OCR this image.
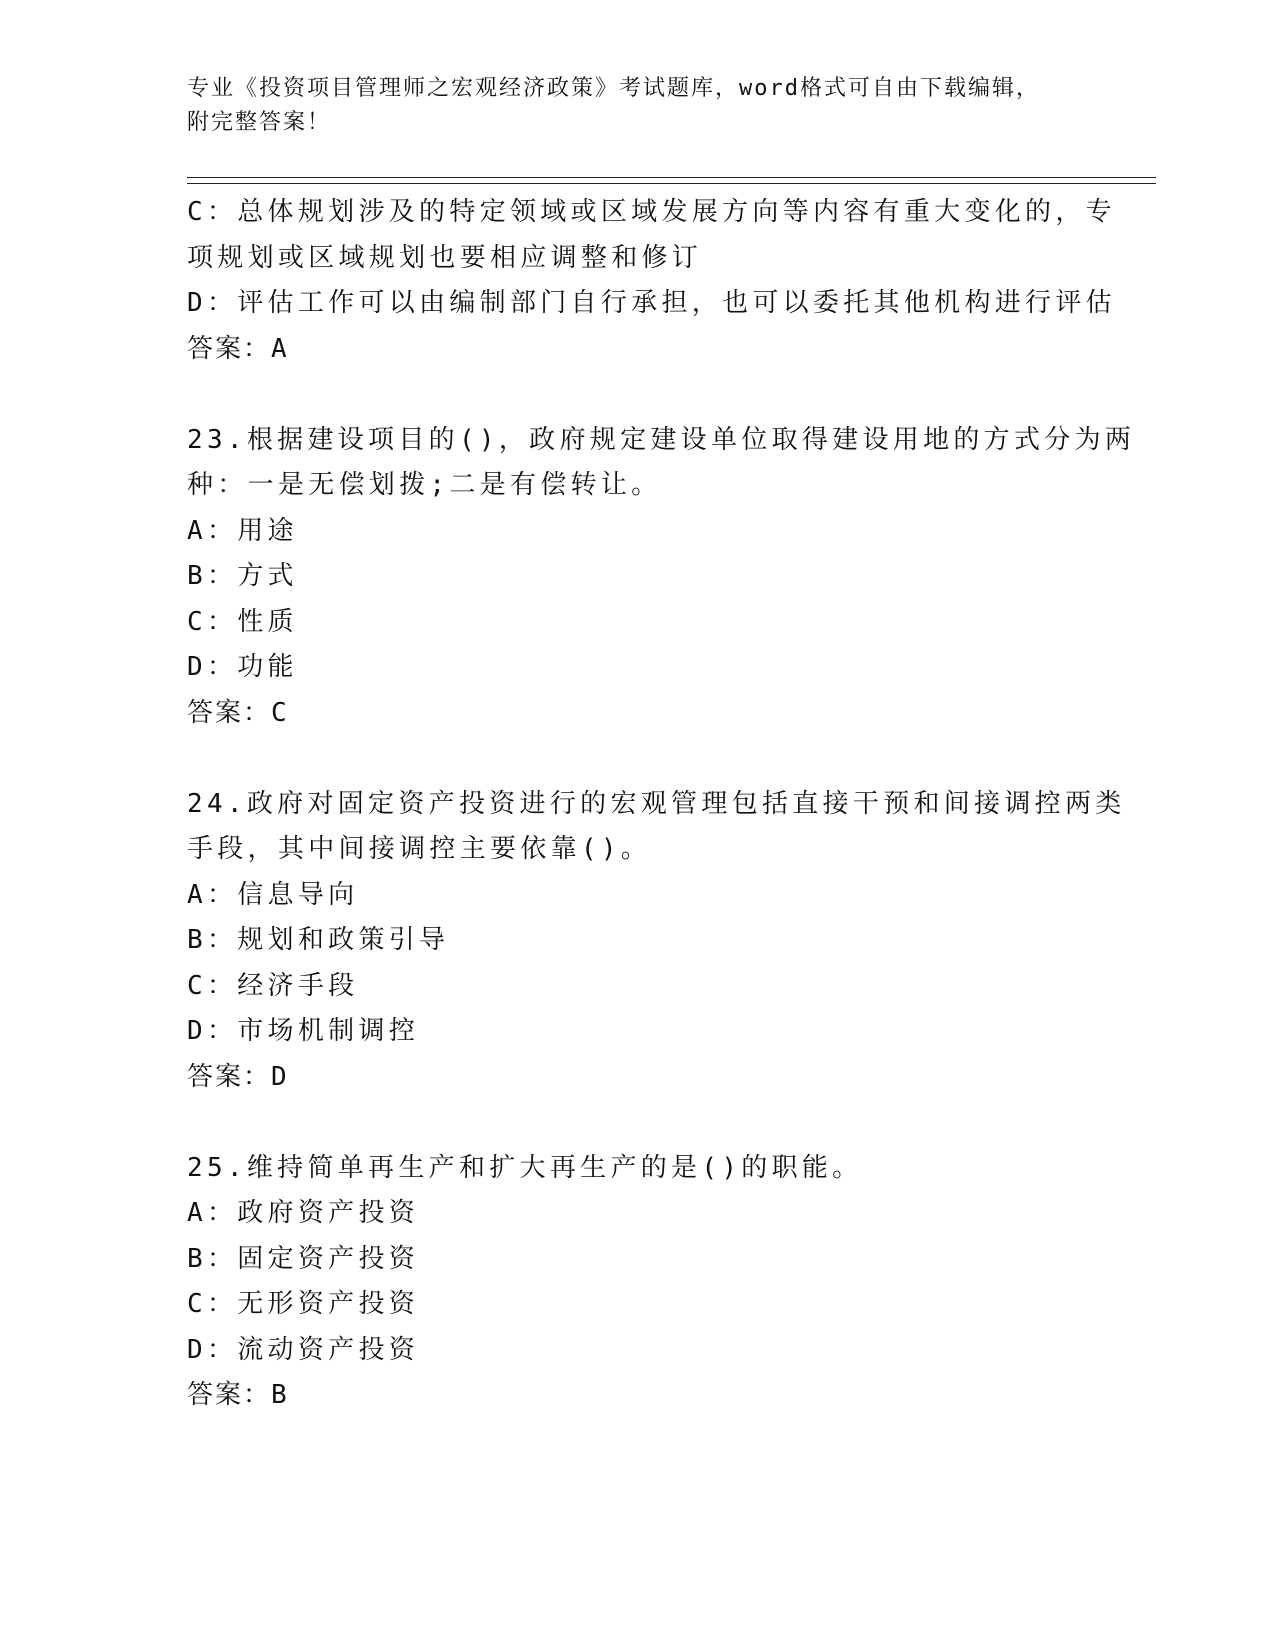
专业《投资项目管理师之宏观经济政策》考试题库，word格式可自由下载编辑，
附完整答案！
C：总体规划涉及的特定领域或区域发展方向等内容有重大变化的，专
项规划或区域规划也要相应调整和修订
D：评估工作可以由编制部门自行承担，也可以委托其他机构进行评估
答案：A
23.根据建设项目的()，政府规定建设单位取得建设用地的方式分为两
种：一是无偿划拨;二是有偿转让。
A：用途
B：方式
C：性质
D：功能
答案：C
24.政府对固定资产投资进行的宏观管理包括直接干预和间接调控两类
手段，其中间接调控主要依靠()。
A：信息导向
B：规划和政策引导
C：经济手段
D：市场机制调控
答案：D
25.维持简单再生产和扩大再生产的是()的职能。
A：政府资产投资
B：固定资产投资
C：无形资产投资
D：流动资产投资
答案：B
